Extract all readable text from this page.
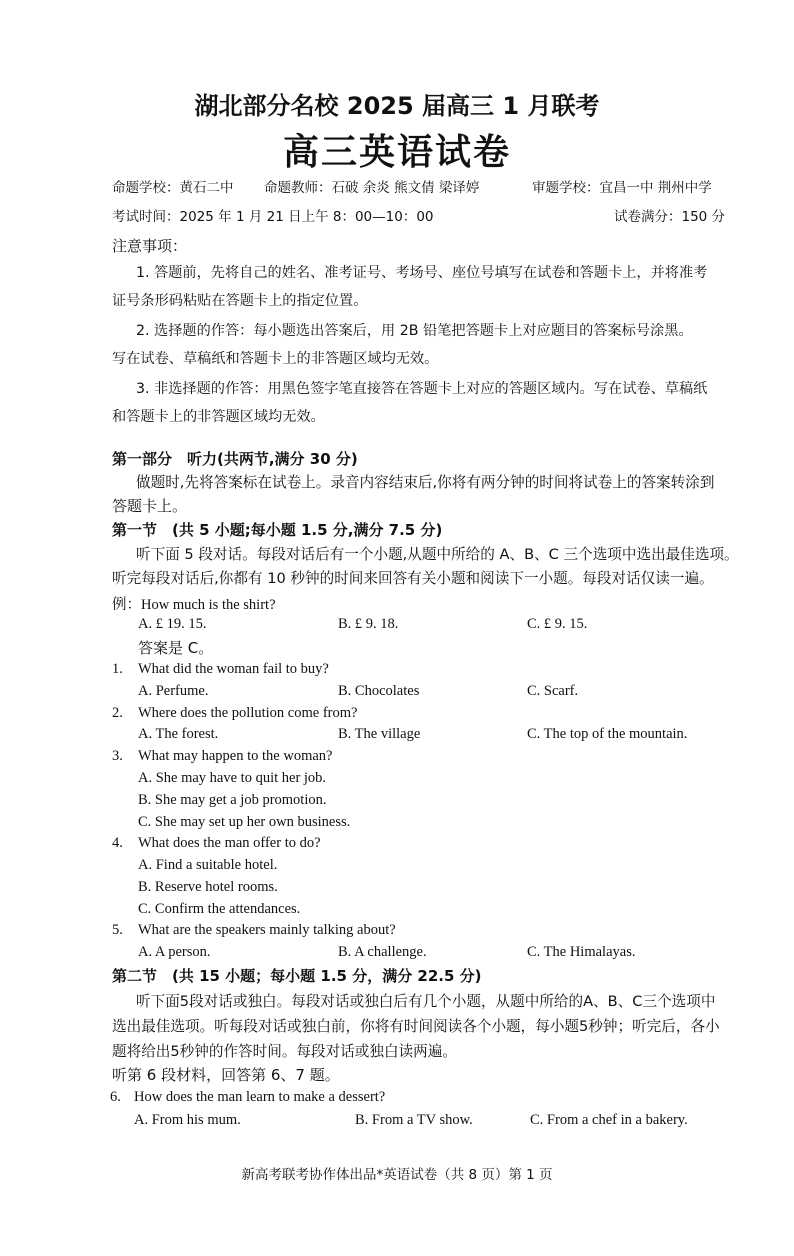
湖北部分名校 2025 届高三 1 月联考
高三英语试卷
命题学校：黄石二中 命题教师：石破 余炎 熊文倩 梁译婷	审题学校：宜昌一中 荆州中学
考试时间：2025 年 1 月 21 日上午 8：00—10：00	试卷满分：150 分
注意事项：
1. 答题前，先将自己的姓名、准考证号、考场号、座位号填写在试卷和答题卡上，并将准考
证号条形码粘贴在答题卡上的指定位置。
2. 选择题的作答：每小题选出答案后，用 2B 铅笔把答题卡上对应题目的答案标号涂黑。
写在试卷、草稿纸和答题卡上的非答题区域均无效。
3. 非选择题的作答：用黑色签字笔直接答在答题卡上对应的答题区域内。写在试卷、草稿纸
和答题卡上的非答题区域均无效。
第一部分　听力(共两节,满分 30 分)
做题时,先将答案标在试卷上。录音内容结束后,你将有两分钟的时间将试卷上的答案转涂到
答题卡上。
第一节　(共 5 小题;每小题 1.5 分,满分 7.5 分)
听下面 5 段对话。每段对话后有一个小题,从题中所给的 A、B、C 三个选项中选出最佳选项。
听完每段对话后,你都有 10 秒钟的时间来回答有关小题和阅读下一小题。每段对话仅读一遍。
例：How much is the shirt?
A. £ 19. 15.	B. £ 9. 18.	C. £ 9. 15.
答案是 C。
1. What did the woman fail to buy?
A. Perfume.	B. Chocolates	C. Scarf.
2. Where does the pollution come from?
A. The forest.	B. The village	C. The top of the mountain.
3. What may happen to the woman?
A. She may have to quit her job.
B. She may get a job promotion.
C. She may set up her own business.
4. What does the man offer to do?
A. Find a suitable hotel.
B. Reserve hotel rooms.
C. Confirm the attendances.
5. What are the speakers mainly talking about?
A. A person.	B. A challenge.	C. The Himalayas.
第二节　(共 15 小题；每小题 1.5 分，满分 22.5 分)
听下面5段对话或独白。每段对话或独白后有几个小题，从题中所给的A、B、C三个选项中
选出最佳选项。听每段对话或独白前，你将有时间阅读各个小题，每小题5秒钟；听完后，各小
题将给出5秒钟的作答时间。每段对话或独白读两遍。
听第 6 段材料，回答第 6、7 题。
6. How does the man learn to make a dessert?
A. From his mum.	B. From a TV show.	C. From a chef in a bakery.
新高考联考协作体出品*英语试卷（共 8 页）第 1 页
